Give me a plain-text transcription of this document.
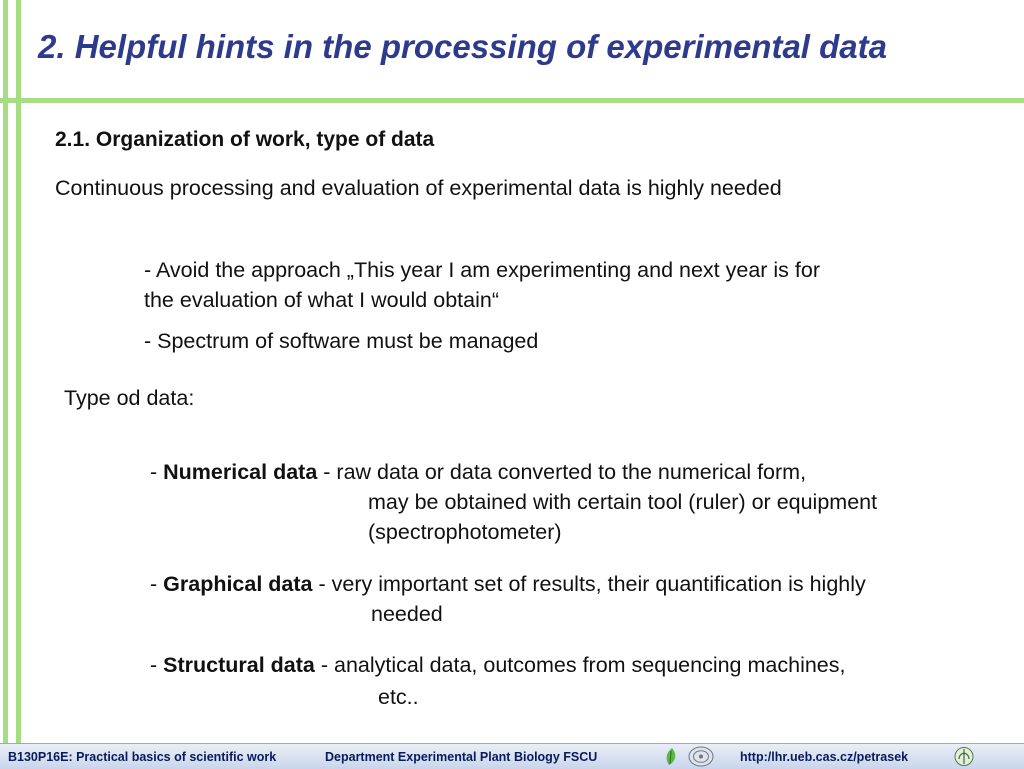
2. Helpful hints in the processing of experimental data
2.1. Organization of work, type of data
Continuous processing and evaluation of experimental data is highly needed
- Avoid the approach „This year I am experimenting and next year is for
the evaluation of what I would obtain“
- Spectrum of software must be managed
Type od data:
- Numerical data - raw data or data converted to the numerical form,
may be obtained with certain tool (ruler) or equipment
(spectrophotometer)
- Graphical data - very important set of results, their quantification is highly
needed
- Structural data - analytical data, outcomes from sequencing machines,
etc..
B130P16E: Practical basics of scientific work	Department Experimental Plant Biology FSCU	http:/lhr.ueb.cas.cz/petrasek
